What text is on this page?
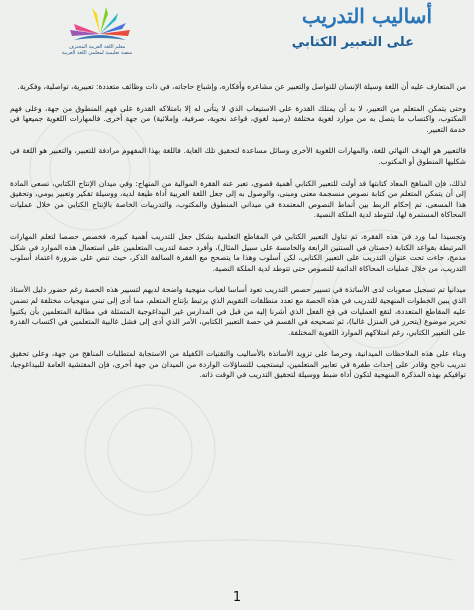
معلم اللغة العربية المحترف
منصة تعليمية لمعلمي اللغة العربية
أساليب التدريب
على التعبير الكتابي

من المتعارف عليه أن اللغة وسيلة الإنسان للتواصل والتعبير عن مشاعره وأفكاره، وإشباع حاجاته، في ذات وظائف متعددة: تعبيرية، تواصلية، وفكرية.

وحتى يتمكن المتعلم من التعبير، لا بد أن يمتلك القدرة على الاستيعاب الذي لا يتأتى له إلا بامتلاكه القدرة على فهم المنطوق من جهة، وعلى فهم المكتوب، واكتساب ما يتصل به من موارد لغوية مختلفة (رصيد لغوي، قواعد نحوية، صرفية، وإملائية) من جهة أخرى. فالمهارات اللغوية جميعها في خدمة التعبير.

فالتعبير هو الهدف النهائي للغة، والمهارات اللغوية الأخرى وسائل مساعدة لتحقيق تلك الغاية. فاللغة بهذا المفهوم مرادفة للتعبير، والتعبير هو اللغة في شكليها المنطوق أو المكتوب.

لذلك، فإن المناهج المعاد كتابتها قد أولت للتعبير الكتابي أهمية قصوى، تعبر عنه الفقرة الموالية من المنهاج: وفي ميدان الإنتاج الكتابي، تسعى المادة إلى أن يتمكن المتعلم من كتابة نصوص منسجمة معنى ومبنى، والوصول به إلى جعل اللغة العربية أداة طيعة لديه، ووسيلة تفكير وتعبير يومي، وتحقيق هذا المسعى، تم إحكام الربط بين أنماط النصوص المعتمدة في ميداني المنطوق والمكتوب، والتدريبات الخاصة بالإنتاج الكتابي من خلال عمليات المحاكاة المستمرة لها، لتتوطد لدية الملكة النصية.

وتجسيدا لما ورد في هذه الفقرة، تم تناول التعبير الكتابي في المقاطع التعلمية بشكل جعل للتدريب أهمية كبيرة، فخصص حصصا لتعلم المهارات المرتبطة بقواعد الكتابة (حصتان في السنتين الرابعة والخامسة على سبيل المثال)، وأفرد حصة لتدريب المتعلمين على استعمال هذه الموارد في شكل مدمج، جاءت تحت عنوان التدريب على التعبير الكتابي، لكن أسلوب وهذا ما يتصحح مع الفقرة السالفة الذكر، حيث تنص على ضرورة اعتماد أسلوب التدريب، من خلال عمليات المحاكاة الدائمة للنصوص حتى تتوطد لدية الملكة النصية.

ميدانيا تم تسجيل صعوبات لدى الأساتذة في تسيير حصص التدريب تعود أساسا لغياب منهجية واضحة لديهم لتسيير هذه الحصة رغم حضور دليل الأستاذ الذي يبين الخطوات المنهجية للتدريب في هذه الحصة مع تعدد منطلقات التقويم الذي يرتبط بإنتاج المتعلم، مما أدى إلى تبني منهجيات مختلفة لم تضمن عليه المقاطع المتعددة، لتقع العمليات في فخ الفعل الذي أشرنا إليه من قبل في المدارس غير البيداغوجية المتمثلة في مطالبة المتعلمين بأن يكتبوا تحرير موضوع (يتحرر في المنزل غالبا)، ثم تصحيحه في القسم في حصة التعبير الكتابي، الأمر الذي أدى إلى فشل غالبية المتعلمين في اكتساب القدرة على التعبير الكتابي، رغم امتلاكهم الموارد اللغوية المختلفة.

وبناء على هذه الملاحظات الميدانية، وحرصا على تزويد الأساتذة بالأساليب والتقنيات الكفيلة من الاستجابة لمتطلبات المناهج من جهة، وعلى تحقيق تدريب ناجح وقادر على إحداث طفرة في تعابير المتعلمين، ليستجيب للتساؤلات الواردة من الميدان من جهة أخرى، فإن المفتشية العامة للبيداغوجيا، توافيكم بهذه المذكرة المنهجية لتكون أداة ضبط ووسيلة لتحقيق التدريب في الوقت ذاته.

1
